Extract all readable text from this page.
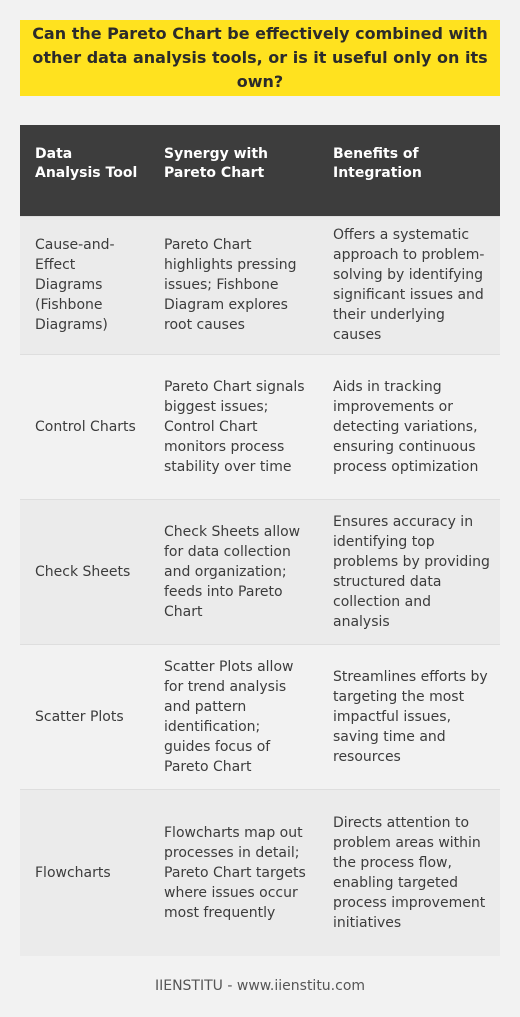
Can the Pareto Chart be effectively combined with other data analysis tools, or is it useful only on its own?
Data Analysis Tool	Synergy with Pareto Chart	Benefits of Integration
Cause-and-Effect Diagrams (Fishbone Diagrams)	Pareto Chart highlights pressing issues; Fishbone Diagram explores root causes	Offers a systematic approach to problem-solving by identifying significant issues and their underlying causes
Control Charts	Pareto Chart signals biggest issues; Control Chart monitors process stability over time	Aids in tracking improvements or detecting variations, ensuring continuous process optimization
Check Sheets	Check Sheets allow for data collection and organization; feeds into Pareto Chart	Ensures accuracy in identifying top problems by providing structured data collection and analysis
Scatter Plots	Scatter Plots allow for trend analysis and pattern identification; guides focus of Pareto Chart	Streamlines efforts by targeting the most impactful issues, saving time and resources
Flowcharts	Flowcharts map out processes in detail; Pareto Chart targets where issues occur most frequently	Directs attention to problem areas within the process flow, enabling targeted process improvement initiatives
IIENSTITU - www.iienstitu.com
